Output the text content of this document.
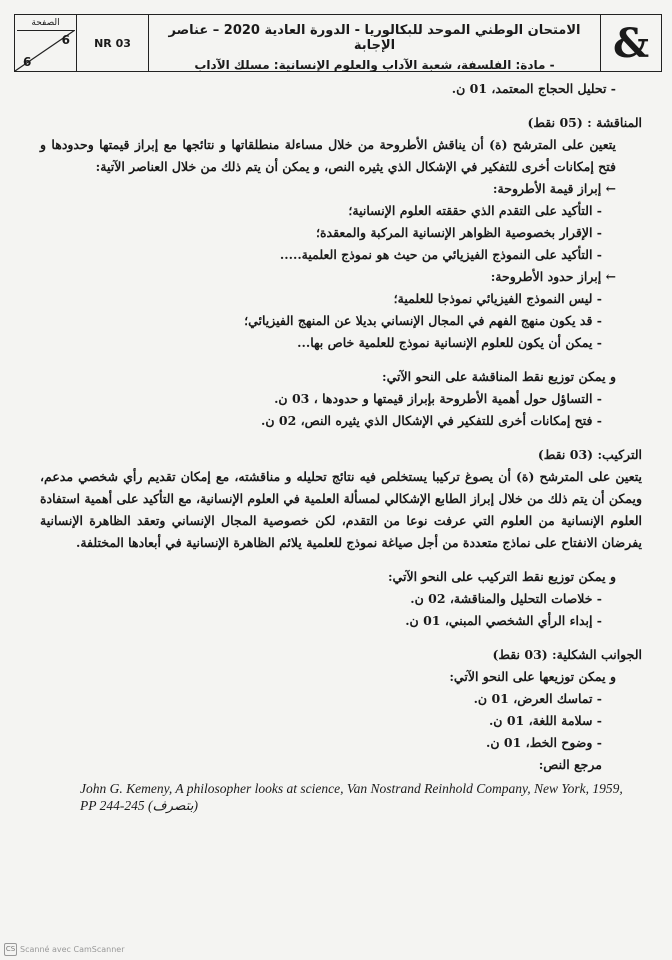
الصفحة
6
6
NR 03
الامتحان الوطني الموحد للبكالوريا - الدورة العادية 2020 – عناصر الإجابة
- مادة: الفلسفة، شعبة الآداب والعلوم الإنسانية: مسلك الآداب	&
- تحليل الحجاج المعتمد، 01 ن.
المناقشة : (05 نقط)
يتعين على المترشح (ة) أن يناقش الأطروحة من خلال مساءلة منطلقاتها و نتائجها مع إبراز قيمتها وحدودها و فتح إمكانات أخرى للتفكير في الإشكال الذي يثيره النص، و يمكن أن يتم ذلك من خلال العناصر الآتية:
← إبراز قيمة الأطروحة:
- التأكيد على التقدم الذي حققته العلوم الإنسانية؛
- الإقرار بخصوصية الظواهر الإنسانية المركبة والمعقدة؛
- التأكيد على النموذج الفيزيائي من حيث هو نموذج العلمية.....
← إبراز حدود الأطروحة:
- ليس النموذج الفيزيائي نموذجا للعلمية؛
- قد يكون منهج الفهم في المجال الإنساني بديلا عن المنهج الفيزيائي؛
- يمكن أن يكون للعلوم الإنسانية نموذج للعلمية خاص بها...
و يمكن توزيع نقط المناقشة على النحو الآتي:
- التساؤل حول أهمية الأطروحة بإبراز قيمتها و حدودها ، 03 ن.
- فتح إمكانات أخرى للتفكير في الإشكال الذي يثيره النص، 02 ن.
التركيب: (03 نقط)
يتعين على المترشح (ة) أن يصوغ تركيبا يستخلص فيه نتائج تحليله و مناقشته، مع إمكان تقديم رأي شخصي مدعم، ويمكن أن يتم ذلك من خلال إبراز الطابع الإشكالي لمسألة العلمية في العلوم الإنسانية، مع التأكيد على أهمية استفادة العلوم الإنسانية من العلوم التي عرفت نوعا من التقدم، لكن خصوصية المجال الإنساني وتعقد الظاهرة الإنسانية يفرضان الانفتاح على نماذج متعددة من أجل صياغة نموذج للعلمية يلائم الظاهرة الإنسانية في أبعادها المختلفة.
و يمكن توزيع نقط التركيب على النحو الآتي:
- خلاصات التحليل والمناقشة، 02 ن.
- إبداء الرأي الشخصي المبني، 01 ن.
الجوانب الشكلية: (03 نقط)
و يمكن توزيعها على النحو الآتي:
- تماسك العرض، 01 ن.
- سلامة اللغة، 01 ن.
- وضوح الخط، 01 ن.
مرجع النص:
John G. Kemeny, A philosopher looks at science, Van Nostrand Reinhold Company, New York, 1959,
PP 244-245 (بتصرف)
CS Scanné avec CamScanner
